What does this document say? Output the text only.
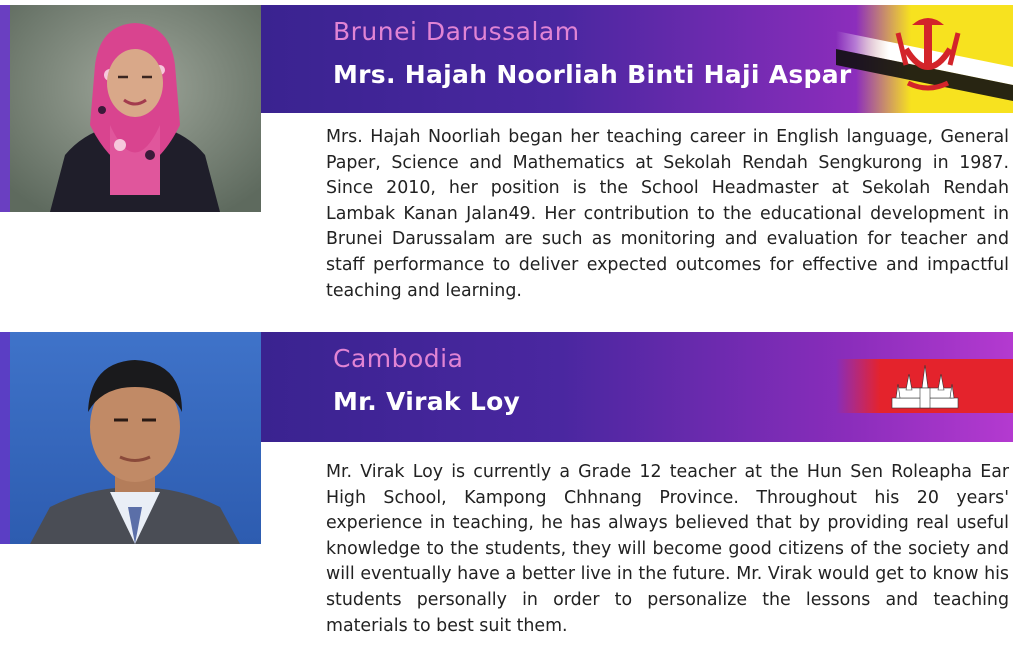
Brunei Darussalam
Mrs. Hajah Noorliah Binti Haji Aspar

Mrs. Hajah Noorliah began her teaching career in English language, General Paper, Science and Mathematics at Sekolah Rendah Sengkurong in 1987. Since 2010, her position is the School Headmaster at Sekolah Rendah Lambak Kanan Jalan49. Her contribution to the educational development in Brunei Darussalam are such as monitoring and evaluation for teacher and staff performance to deliver expected outcomes for effective and impactful teaching and learning.

Cambodia
Mr. Virak Loy

Mr. Virak Loy is currently a Grade 12 teacher at the Hun Sen Roleapha Ear High School, Kampong Chhnang Province. Throughout his 20 years' experience in teaching, he has always believed that by providing real useful knowledge to the students, they will become good citizens of the society and will eventually have a better live in the future. Mr. Virak would get to know his students personally in order to personalize the lessons and teaching materials to best suit them.
